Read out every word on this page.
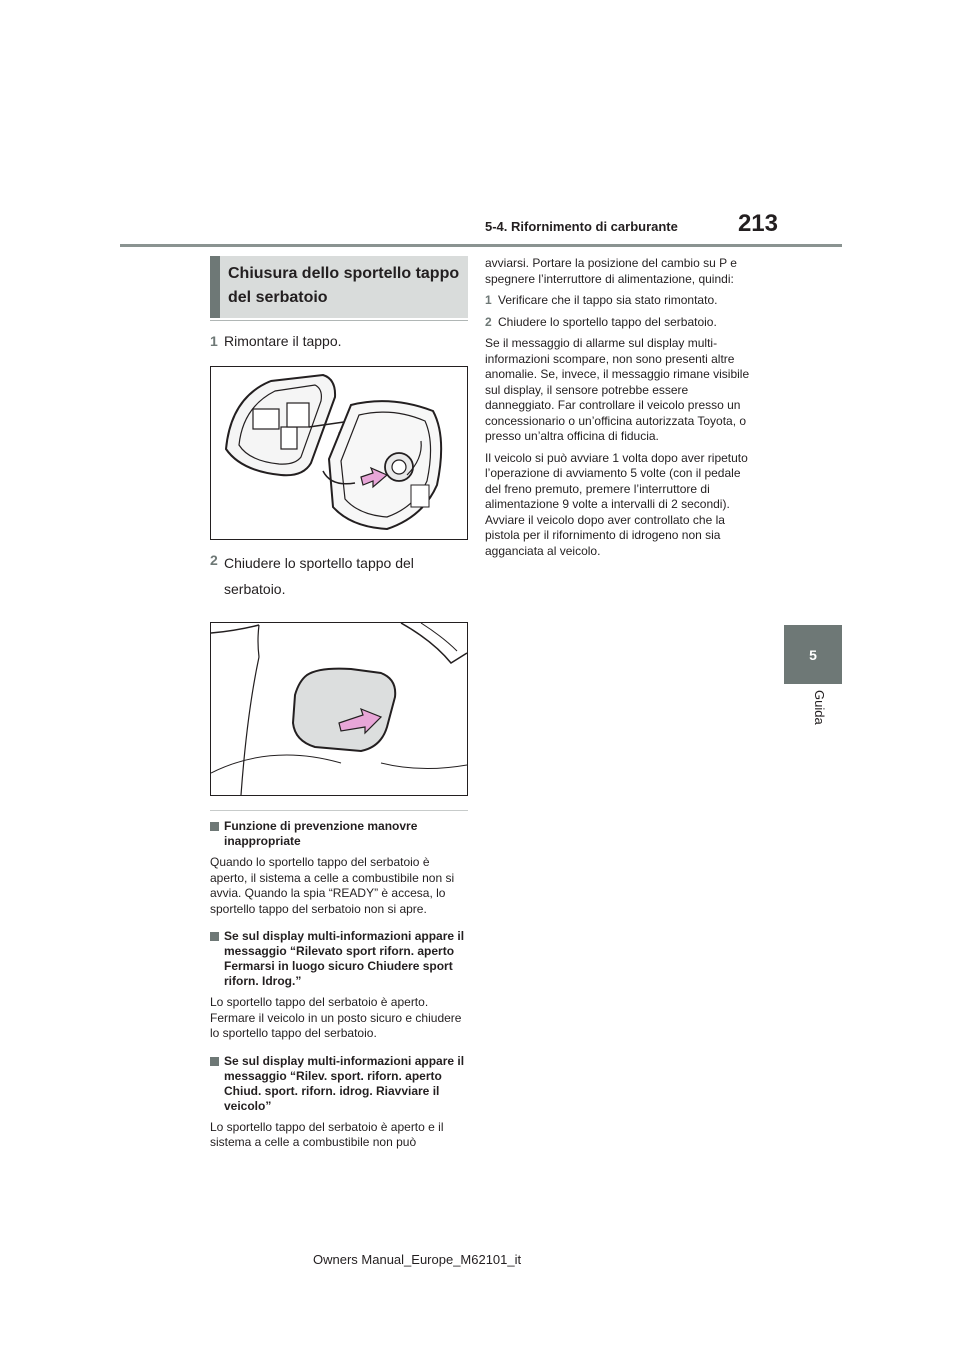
5-4. Rifornimento di carburante	213
5
Guida
Chiusura dello sportello tappo del serbatoio
1 Rimontare il tappo.
2 Chiudere lo sportello tappo del serbatoio.
Funzione di prevenzione manovre inappropriate
Quando lo sportello tappo del serbatoio è aperto, il sistema a celle a combustibile non si avvia. Quando la spia “READY” è accesa, lo sportello tappo del serbatoio non si apre.
Se sul display multi-informazioni appare il messaggio “Rilevato sport riforn. aperto Fermarsi in luogo sicuro Chiudere sport riforn. Idrog.”
Lo sportello tappo del serbatoio è aperto. Fermare il veicolo in un posto sicuro e chiudere lo sportello tappo del serbatoio.
Se sul display multi-informazioni appare il messaggio “Rilev. sport. riforn. aperto Chiud. sport. riforn. idrog. Riavviare il veicolo”
Lo sportello tappo del serbatoio è aperto e il sistema a celle a combustibile non può
avviarsi. Portare la posizione del cambio su P e spegnere l’interruttore di alimentazione, quindi:
1 Verificare che il tappo sia stato rimontato.
2 Chiudere lo sportello tappo del serbatoio.
Se il messaggio di allarme sul display multi-informazioni scompare, non sono presenti altre anomalie. Se, invece, il messaggio rimane visibile sul display, il sensore potrebbe essere danneggiato. Far controllare il veicolo presso un concessionario o un’officina autorizzata Toyota, o presso un’altra officina di fiducia.
Il veicolo si può avviare 1 volta dopo aver ripetuto l’operazione di avviamento 5 volte (con il pedale del freno premuto, premere l’interruttore di alimentazione 9 volte a intervalli di 2 secondi). Avviare il veicolo dopo aver controllato che la pistola per il rifornimento di idrogeno non sia agganciata al veicolo.
Owners Manual_Europe_M62101_it
